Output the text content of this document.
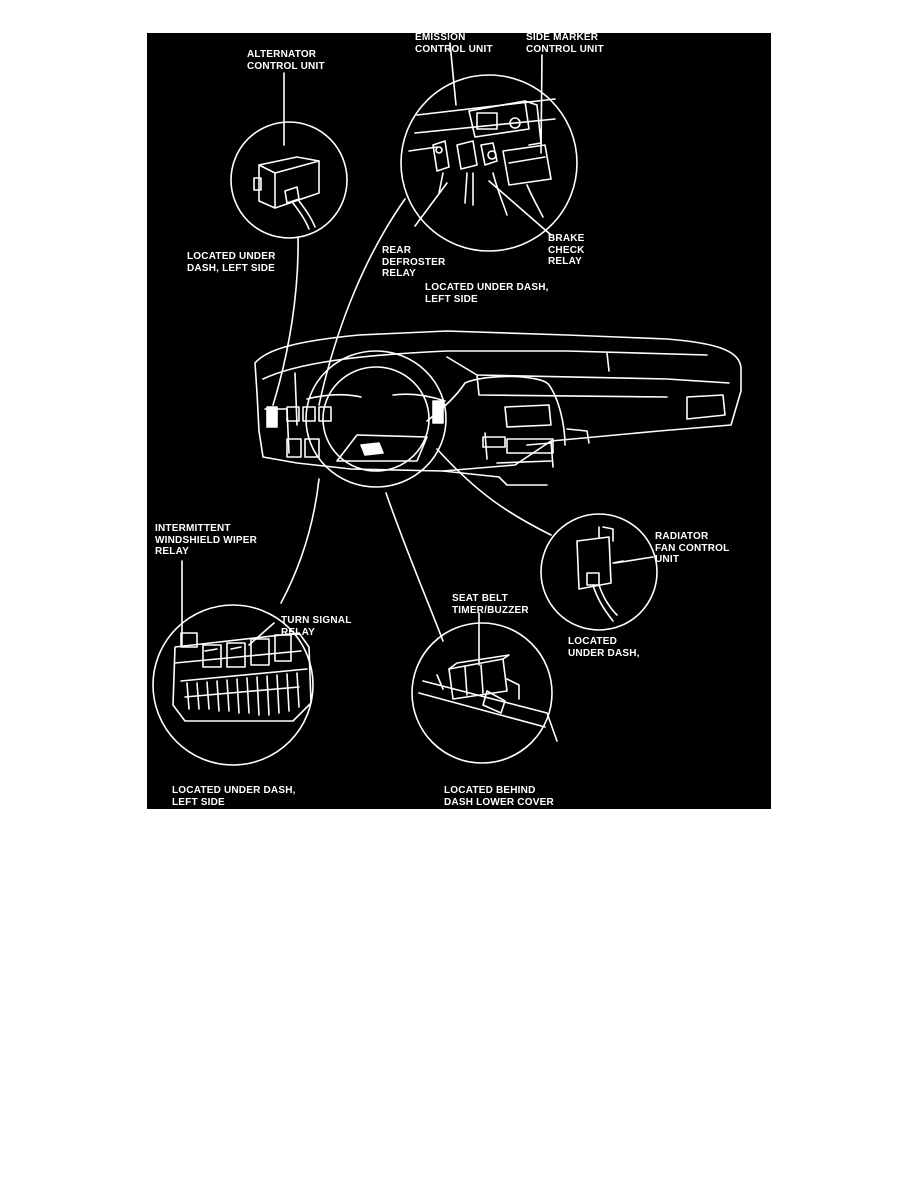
ALTERNATOR
CONTROL UNIT
LOCATED UNDER
DASH, LEFT SIDE
EMISSION
CONTROL UNIT
SIDE MARKER
CONTROL UNIT
REAR
DEFROSTER
RELAY
BRAKE
CHECK
RELAY
LOCATED UNDER DASH,
LEFT SIDE
INTERMITTENT
WINDSHIELD WIPER
RELAY
TURN SIGNAL
RELAY
SEAT BELT
TIMER/BUZZER
RADIATOR
FAN CONTROL
UNIT
LOCATED
UNDER DASH,
LOCATED UNDER DASH,
LEFT SIDE
LOCATED BEHIND
DASH LOWER COVER
